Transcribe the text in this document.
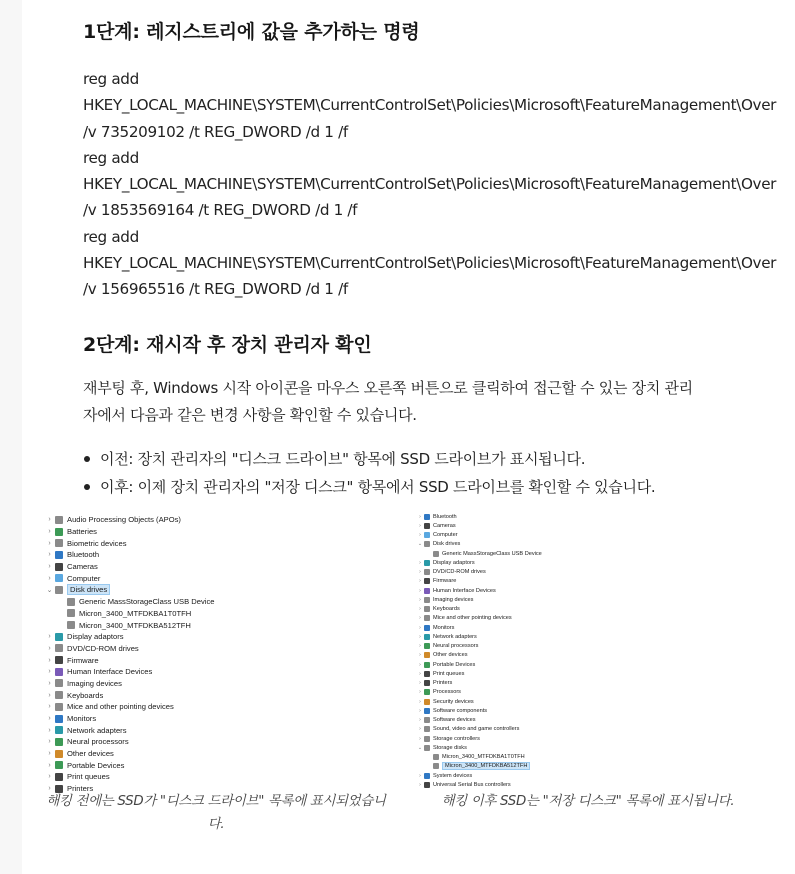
1단계: 레지스트리에 값을 추가하는 명령
reg add
HKEY_LOCAL_MACHINE\SYSTEM\CurrentControlSet\Policies\Microsoft\FeatureManagement\Over
/v 735209102 /t REG_DWORD /d 1 /f
reg add
HKEY_LOCAL_MACHINE\SYSTEM\CurrentControlSet\Policies\Microsoft\FeatureManagement\Over
/v 1853569164 /t REG_DWORD /d 1 /f
reg add
HKEY_LOCAL_MACHINE\SYSTEM\CurrentControlSet\Policies\Microsoft\FeatureManagement\Over
/v 156965516 /t REG_DWORD /d 1 /f
2단계: 재시작 후 장치 관리자 확인
재부팅 후, Windows 시작 아이콘을 마우스 오른쪽 버튼으로 클릭하여 접근할 수 있는 장치 관리
자에서 다음과 같은 변경 사항을 확인할 수 있습니다.
이전: 장치 관리자의 "디스크 드라이브" 항목에 SSD 드라이브가 표시됩니다.
이후: 이제 장치 관리자의 "저장 디스크" 항목에서 SSD 드라이브를 확인할 수 있습니다.
›	Audio Processing Objects (APOs)
›	Batteries
›	Biometric devices
›	Bluetooth
›	Cameras
›	Computer
⌄	Disk drives
Generic MassStorageClass USB Device
Micron_3400_MTFDKBA1T0TFH
Micron_3400_MTFDKBA512TFH
›	Display adaptors
›	DVD/CD-ROM drives
›	Firmware
›	Human Interface Devices
›	Imaging devices
›	Keyboards
›	Mice and other pointing devices
›	Monitors
›	Network adapters
›	Neural processors
›	Other devices
›	Portable Devices
›	Print queues
›	Printers
›	Bluetooth
›	Cameras
›	Computer
⌄	Disk drives
Generic MassStorageClass USB Device
›	Display adaptors
›	DVD/CD-ROM drives
›	Firmware
›	Human Interface Devices
›	Imaging devices
›	Keyboards
›	Mice and other pointing devices
›	Monitors
›	Network adapters
›	Neural processors
›	Other devices
›	Portable Devices
›	Print queues
›	Printers
›	Processors
›	Security devices
›	Software components
›	Software devices
›	Sound, video and game controllers
›	Storage controllers
⌄	Storage disks
Micron_3400_MTFDKBA1T0TFH
Micron_3400_MTFDKBA512TFH
›	System devices
›	Universal Serial Bus controllers
해킹 전에는 SSD가 "디스크 드라이브" 목록에 표시되었습니
다.
해킹 이후 SSD는 "저장 디스크" 목록에 표시됩니다.
